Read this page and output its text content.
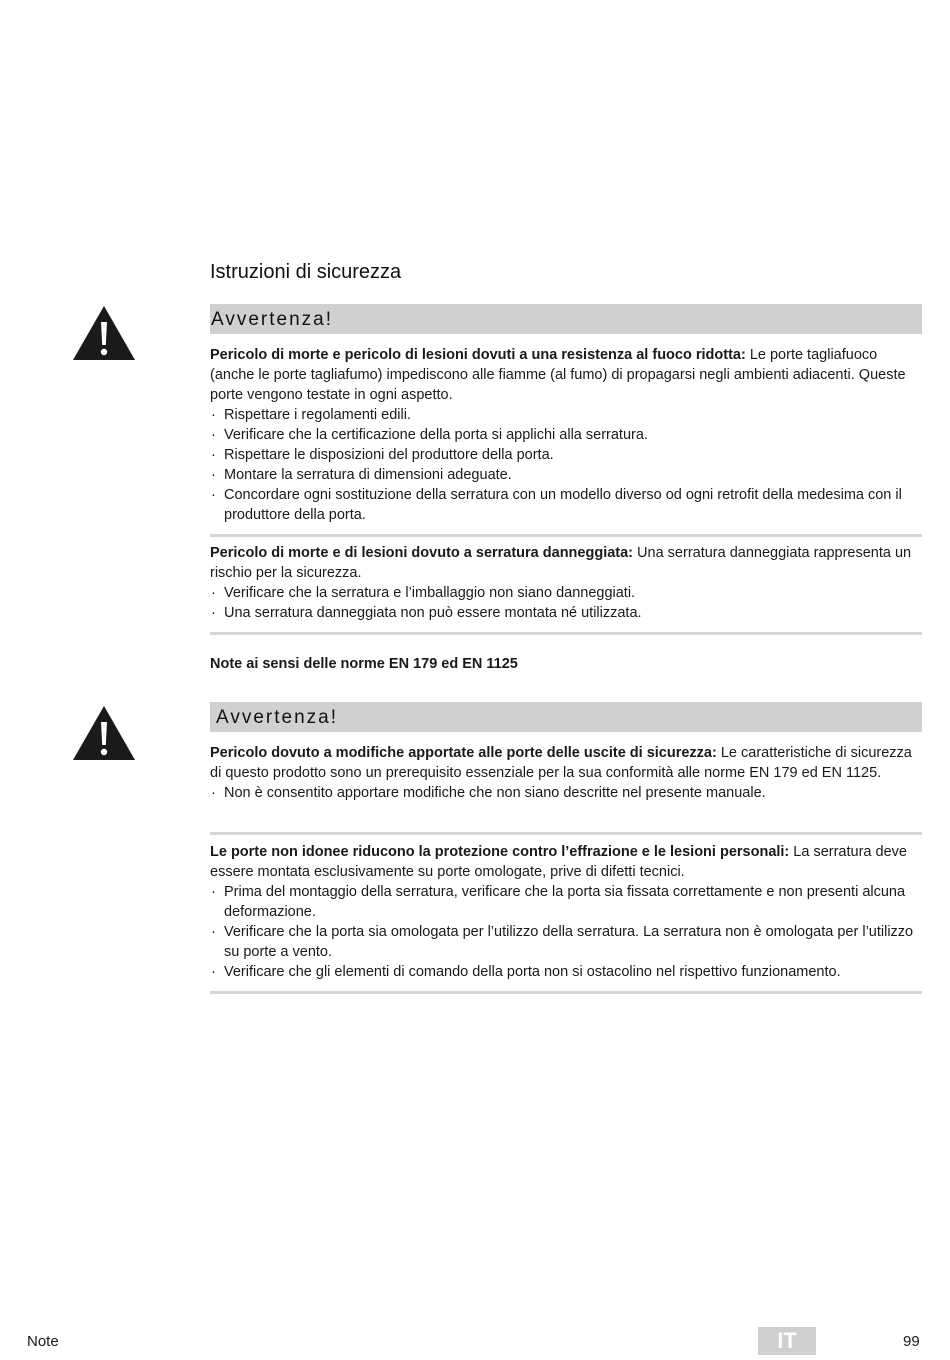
Istruzioni di sicurezza
Avvertenza!

Pericolo di morte e pericolo di lesioni dovuti a una resistenza al fuoco ridotta: Le porte tagliafuoco (anche le porte tagliafumo) impediscono alle fiamme (al fumo) di propagarsi negli ambienti adiacenti. Queste porte vengono testate in ogni aspetto.

· Rispettare i regolamenti edili.
· Verificare che la certificazione della porta si applichi alla serratura.
· Rispettare le disposizioni del produttore della porta.
· Montare la serratura di dimensioni adeguate.
· Concordare ogni sostituzione della serratura con un modello diverso od ogni retrofit della medesima con il produttore della porta.

Pericolo di morte e di lesioni dovuto a serratura danneggiata: Una serratura danneggiata rappresenta un rischio per la sicurezza.

· Verificare che la serratura e l’imballaggio non siano danneggiati.
· Una serratura danneggiata non può essere montata né utilizzata.
Note ai sensi delle norme EN 179 ed EN 1125
Avvertenza!

Pericolo dovuto a modifiche apportate alle porte delle uscite di sicurezza: Le caratteristiche di sicurezza di questo prodotto sono un prerequisito essenziale per la sua conformità alle norme EN 179 ed EN 1125.

· Non è consentito apportare modifiche che non siano descritte nel presente manuale.

Le porte non idonee riducono la protezione contro l’effrazione e le lesioni personali: La serratura deve essere montata esclusivamente su porte omologate, prive di difetti tecnici.

· Prima del montaggio della serratura, verificare che la porta sia fissata correttamente e non presenti alcuna deformazione.
· Verificare che la porta sia omologata per l’utilizzo della serratura. La serratura non è omologata per l’utilizzo su porte a vento.
· Verificare che gli elementi di comando della porta non si ostacolino nel rispettivo funzionamento.
Note	IT	99
